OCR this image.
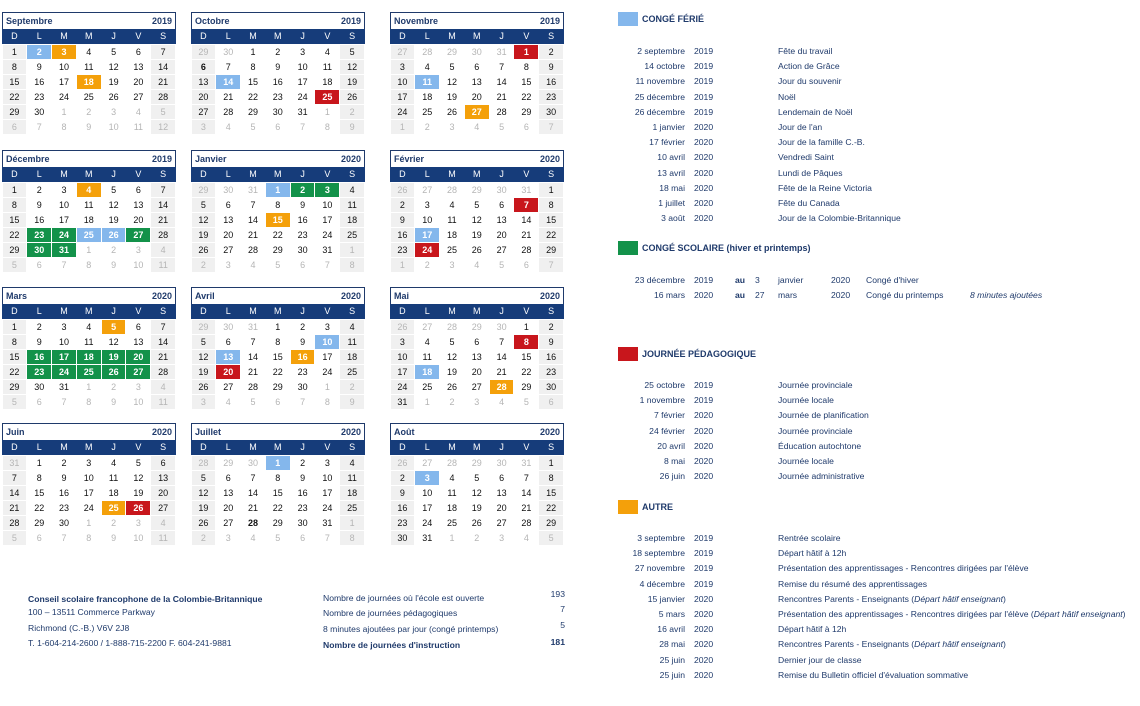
Septembre	2019
D	L	M	M	J	V	S
1	2	3	4	5	6	7
8	9	10	11	12	13	14
15	16	17	18	19	20	21
22	23	24	25	26	27	28
29	30	1	2	3	4	5
6	7	8	9	10	11	12
Octobre	2019
D	L	M	M	J	V	S
29	30	1	2	3	4	5
6	7	8	9	10	11	12
13	14	15	16	17	18	19
20	21	22	23	24	25	26
27	28	29	30	31	1	2
3	4	5	6	7	8	9
Novembre	2019
D	L	M	M	J	V	S
27	28	29	30	31	1	2
3	4	5	6	7	8	9
10	11	12	13	14	15	16
17	18	19	20	21	22	23
24	25	26	27	28	29	30
1	2	3	4	5	6	7
Décembre	2019
D	L	M	M	J	V	S
1	2	3	4	5	6	7
8	9	10	11	12	13	14
15	16	17	18	19	20	21
22	23	24	25	26	27	28
29	30	31	1	2	3	4
5	6	7	8	9	10	11
Janvier	2020
D	L	M	M	J	V	S
29	30	31	1	2	3	4
5	6	7	8	9	10	11
12	13	14	15	16	17	18
19	20	21	22	23	24	25
26	27	28	29	30	31	1
2	3	4	5	6	7	8
Février	2020
D	L	M	M	J	V	S
26	27	28	29	30	31	1
2	3	4	5	6	7	8
9	10	11	12	13	14	15
16	17	18	19	20	21	22
23	24	25	26	27	28	29
1	2	3	4	5	6	7
Mars	2020
D	L	M	M	J	V	S
1	2	3	4	5	6	7
8	9	10	11	12	13	14
15	16	17	18	19	20	21
22	23	24	25	26	27	28
29	30	31	1	2	3	4
5	6	7	8	9	10	11
Avril	2020
D	L	M	M	J	V	S
29	30	31	1	2	3	4
5	6	7	8	9	10	11
12	13	14	15	16	17	18
19	20	21	22	23	24	25
26	27	28	29	30	1	2
3	4	5	6	7	8	9
Mai	2020
D	L	M	M	J	V	S
26	27	28	29	30	1	2
3	4	5	6	7	8	9
10	11	12	13	14	15	16
17	18	19	20	21	22	23
24	25	26	27	28	29	30
31	1	2	3	4	5	6
Juin	2020
D	L	M	M	J	V	S
31	1	2	3	4	5	6
7	8	9	10	11	12	13
14	15	16	17	18	19	20
21	22	23	24	25	26	27
28	29	30	1	2	3	4
5	6	7	8	9	10	11
Juillet	2020
D	L	M	M	J	V	S
28	29	30	1	2	3	4
5	6	7	8	9	10	11
12	13	14	15	16	17	18
19	20	21	22	23	24	25
26	27	28	29	30	31	1
2	3	4	5	6	7	8
Août	2020
D	L	M	M	J	V	S
26	27	28	29	30	31	1
2	3	4	5	6	7	8
9	10	11	12	13	14	15
16	17	18	19	20	21	22
23	24	25	26	27	28	29
30	31	1	2	3	4	5
CONGÉ FÉRIÉ
2 septembre 2019	Fête du travail
14 octobre 2019	Action de Grâce
11 novembre 2019	Jour du souvenir
25 décembre 2019	Noël
26 décembre 2019	Lendemain de Noël
1 janvier 2020	Jour de l'an
17 février 2020	Jour de la famille C.-B.
10 avril 2020	Vendredi Saint
13 avril 2020	Lundi de Pâques
18 mai 2020	Fête de la Reine Victoria
1 juillet 2020	Fête du Canada
3 août 2020	Jour de la Colombie-Britannique
CONGÉ SCOLAIRE (hiver et printemps)
23 décembre 2019	au 3 janvier	2020 Congé d'hiver
16 mars 2020	au 27 mars	2020 Congé du printemps	8 minutes ajoutées
JOURNÉE PÉDAGOGIQUE
25 octobre 2019	Journée provinciale
1 novembre 2019	Journée locale
7 février 2020	Journée de planification
24 février 2020	Journée provinciale
20 avril 2020	Éducation autochtone
8 mai 2020	Journée locale
26 juin 2020	Journée administrative
AUTRE
3 septembre 2019	Rentrée scolaire
18 septembre 2019	Départ hâtif à 12h
27 novembre 2019	Présentation des apprentissages - Rencontres dirigées par l'élève
4 décembre 2019	Remise du résumé des apprentissages
15 janvier 2020	Rencontres Parents - Enseignants (Départ hâtif enseignant)
5 mars 2020	Présentation des apprentissages - Rencontres dirigées par l'élève (Départ hâtif enseignant)
16 avril 2020	Départ hâtif à 12h
28 mai 2020	Rencontres Parents - Enseignants (Départ hâtif enseignant)
25 juin 2020	Dernier jour de classe
25 juin 2020	Remise du Bulletin officiel d'évaluation sommative
Conseil scolaire francophone de la Colombie-Britannique
100 – 13511 Commerce Parkway
Richmond (C.-B.) V6V 2J8
T. 1-604-214-2600 / 1-888-715-2200 F. 604-241-9881
Nombre de journées où l'école est ouverte	193
Nombre de journées pédagogiques	7
8 minutes ajoutées par jour (congé printemps)	5
Nombre de journées d'instruction	181
